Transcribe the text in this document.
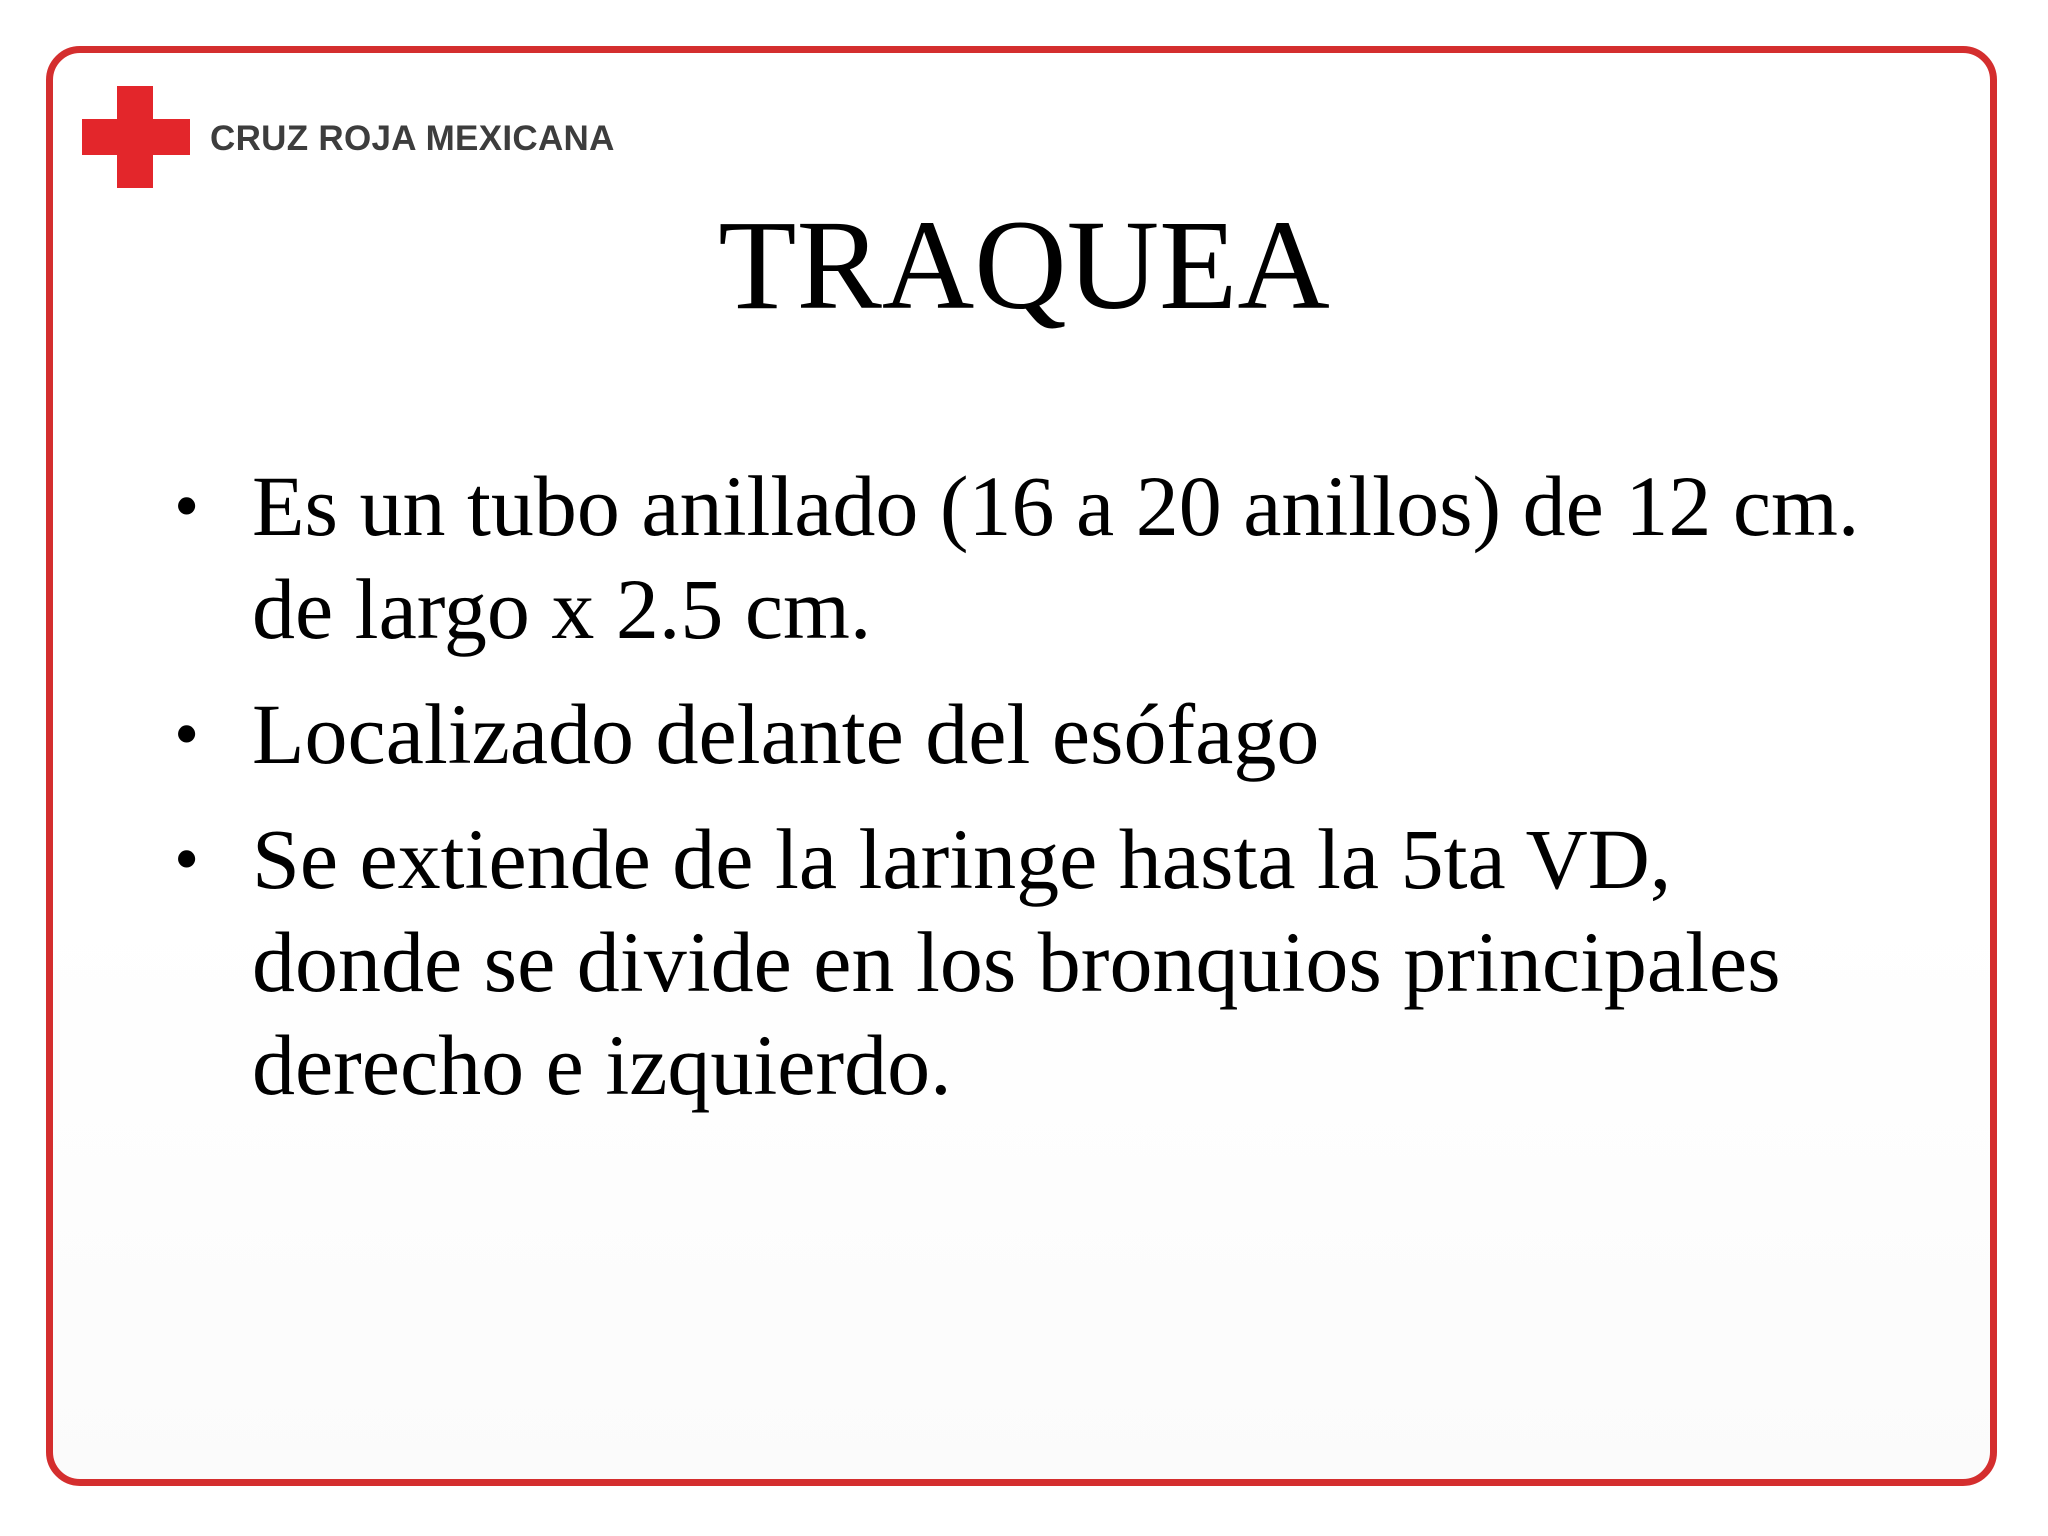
CRUZ ROJA MEXICANA
TRAQUEA
• Es un tubo anillado (16 a 20 anillos) de 12 cm. de largo x 2.5 cm.
• Localizado delante del esófago
• Se extiende de la laringe hasta la 5ta VD, donde se divide en los bronquios principales derecho e izquierdo.
